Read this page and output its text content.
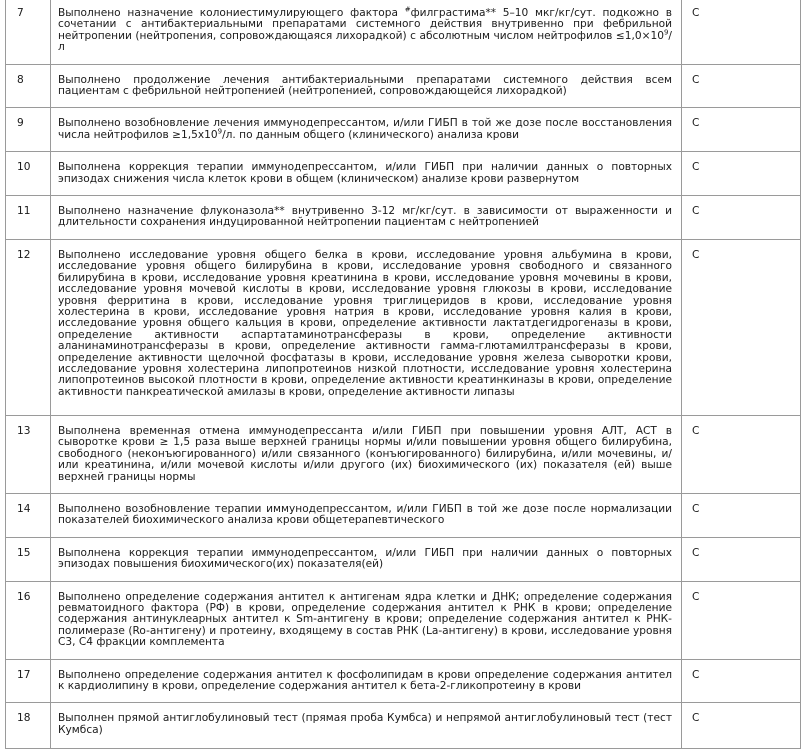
7	Выполнено назначение колониестимулирующего фактора #филграстима** 5–10 мкг/кг/сут. подкожно в сочетании с антибактериальными препаратами системного действия внутривенно при фебрильной нейтропении (нейтропения, сопровождающаяся лихорадкой) с абсолютным числом нейтрофилов $\le 1,0\times 10^9/л$	С
8	Выполнено продолжение лечения антибактериальными препаратами системного действия всем пациентам с фебрильной нейтропенией (нейтропенией, сопровождающейся лихорадкой)	С
9	Выполнено возобновление лечения иммунодепрессантом, и/или ГИБП в той же дозе после восстановления числа нейтрофилов $\ge 1,5x10^9/л$. по данным общего (клинического) анализа крови	С
10	Выполнена коррекция терапии иммунодепрессантом, и/или ГИБП при наличии данных о повторных эпизодах снижения числа клеток крови в общем (клиническом) анализе крови развернутом	С
11	Выполнено назначение флуконазола** внутривенно 3-12 мг/кг/сут. в зависимости от выраженности и длительности сохранения индуцированной нейтропении пациентам с нейтропенией	С
12	Выполнено исследование уровня общего белка в крови, исследование уровня альбумина в крови, исследование уровня общего билирубина в крови, исследование уровня свободного и связанного билирубина в крови, исследование уровня креатинина в крови, исследование уровня мочевины в крови, исследование уровня мочевой кислоты в крови, исследование уровня глюкозы в крови, исследование уровня ферритина в крови, исследование уровня триглицеридов в крови, исследование уровня холестерина в крови, исследование уровня натрия в крови, исследование уровня калия в крови, исследование уровня общего кальция в крови, определение активности лактатдегидрогеназы в крови, определение активности аспартатаминотрансферазы в крови, определение активности аланинаминотрансферазы в крови, определение активности гамма-глютамилтрансферазы в крови, определение активности щелочной фосфатазы в крови, исследование уровня железа сыворотки крови, исследование уровня холестерина липопротеинов низкой плотности, исследование уровня холестерина липопротеинов высокой плотности в крови, определение активности креатинкиназы в крови, определение активности панкреатической амилазы в крови, определение активности липазы	С
13	Выполнена временная отмена иммунодепрессанта и/или ГИБП при повышении уровня АЛТ, АСТ в сыворотке крови ≥ 1,5 раза выше верхней границы нормы и/или повышении уровня общего билирубина, свободного (неконъюгированного) и/или связанного (конъюгированного) билирубина, и/или мочевины, и/или креатинина, и/или мочевой кислоты и/или другого (их) биохимического (их) показателя (ей) выше верхней границы нормы	С
14	Выполнено возобновление терапии иммунодепрессантом, и/или ГИБП в той же дозе после нормализации показателей биохимического анализа крови общетерапевтического	С
15	Выполнена коррекция терапии иммунодепрессантом, и/или ГИБП при наличии данных о повторных эпизодах повышения биохимического(их) показателя(ей)	С
16	Выполнено определение содержания антител к антигенам ядра клетки и ДНК; определение содержания ревматоидного фактора (РФ) в крови, определение содержания антител к РНК в крови; определение содержания антинуклеарных антител к Sm-антигену в крови; определение содержания антител к РНК-полимеразе (Ro-антигену) и протеину, входящему в состав РНК (La-антигену) в крови, исследование уровня С3, С4 фракции комплемента	С
17	Выполнено определение содержания антител к фосфолипидам в крови определение содержания антител к кардиолипину в крови, определение содержания антител к бета-2-гликопротеину в крови	С
18	Выполнен прямой антиглобулиновый тест (прямая проба Кумбса) и непрямой антиглобулиновый тест (тест Кумбса)	С
